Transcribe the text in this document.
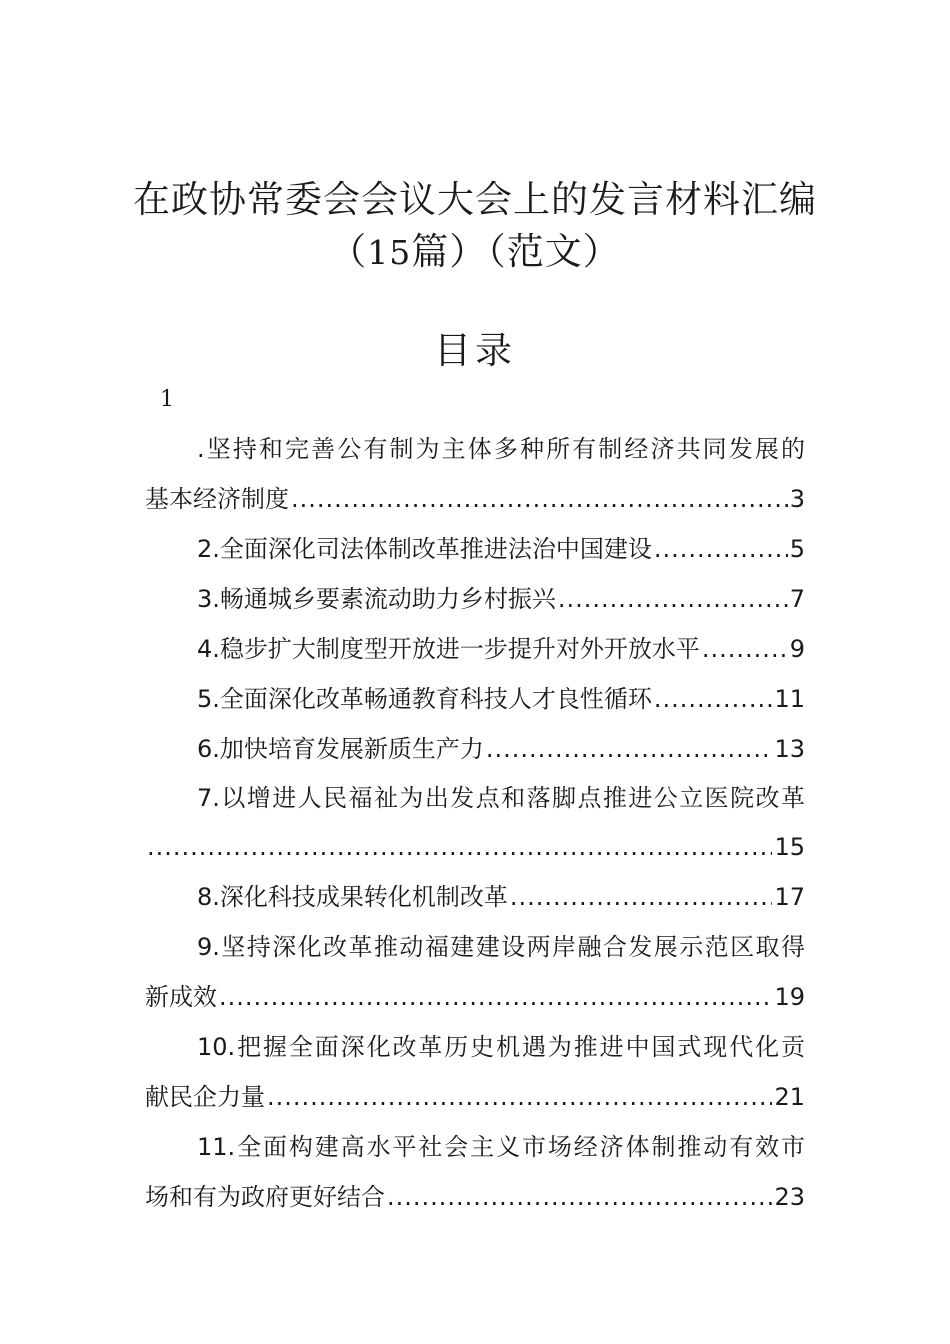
在政协常委会会议大会上的发言材料汇编
（15篇）（范文）
目录
1
.坚持和完善公有制为主体多种所有制经济共同发展的
基本经济制度 .....	3
2.全面深化司法体制改革推进法治中国建设 .....	5
3.畅通城乡要素流动助力乡村振兴 .....	7
4.稳步扩大制度型开放进一步提升对外开放水平 .....	9
5.全面深化改革畅通教育科技人才良性循环 .....	11
6.加快培育发展新质生产力 .....	13
7.以增进人民福祉为出发点和落脚点推进公立医院改革
.....
15
8.深化科技成果转化机制改革 .....	17
9.坚持深化改革推动福建建设两岸融合发展示范区取得
新成效 .....	19
10.把握全面深化改革历史机遇为推进中国式现代化贡
献民企力量 .....	21
11.全面构建高水平社会主义市场经济体制推动有效市
场和有为政府更好结合 .....	23
